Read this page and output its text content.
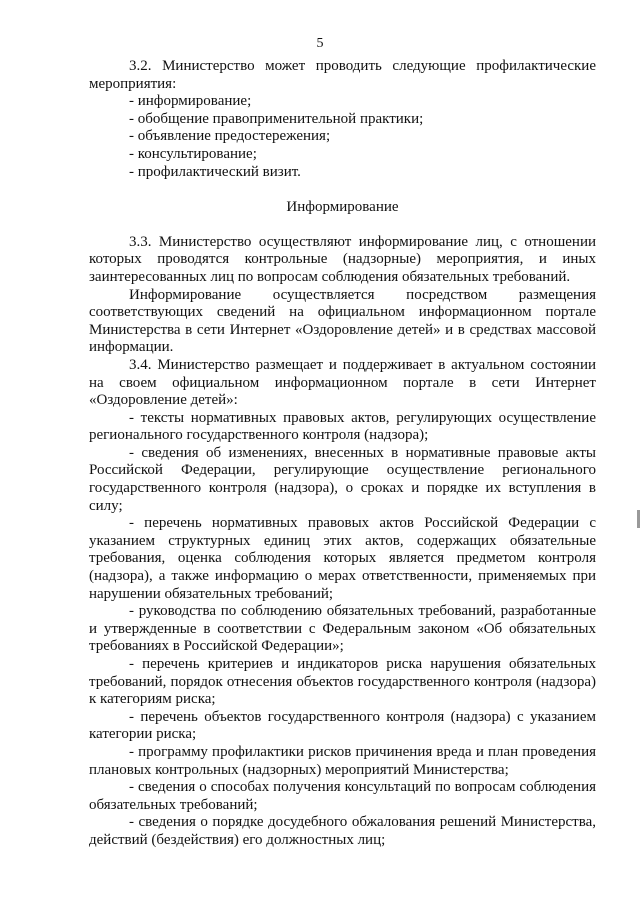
5

3.2. Министерство может проводить следующие профилактические мероприятия:

- информирование;

- обобщение правоприменительной практики;

- объявление предостережения;

- консультирование;

- профилактический визит.

Информирование

3.3. Министерство осуществляют информирование лиц, с отношении которых проводятся контрольные (надзорные) мероприятия, и иных заинтересованных лиц по вопросам соблюдения обязательных требований.

Информирование осуществляется посредством размещения соответствующих сведений на официальном информационном портале Министерства в сети Интернет «Оздоровление детей» и в средствах массовой информации.

3.4. Министерство размещает и поддерживает в актуальном состоянии на своем официальном информационном портале в сети Интернет «Оздоровление детей»:

- тексты нормативных правовых актов, регулирующих осуществление регионального государственного контроля (надзора);

- сведения об изменениях, внесенных в нормативные правовые акты Российской Федерации, регулирующие осуществление регионального государственного контроля (надзора), о сроках и порядке их вступления в силу;

- перечень нормативных правовых актов Российской Федерации с указанием структурных единиц этих актов, содержащих обязательные требования, оценка соблюдения которых является предметом контроля (надзора), а также информацию о мерах ответственности, применяемых при нарушении обязательных требований;

- руководства по соблюдению обязательных требований, разработанные и утвержденные в соответствии с Федеральным законом «Об обязательных требованиях в Российской Федерации»;

- перечень критериев и индикаторов риска нарушения обязательных требований, порядок отнесения объектов государственного контроля (надзора) к категориям риска;

- перечень объектов государственного контроля (надзора) с указанием категории риска;

- программу профилактики рисков причинения вреда и план проведения плановых контрольных (надзорных) мероприятий Министерства;

- сведения о способах получения консультаций по вопросам соблюдения обязательных требований;

- сведения о порядке досудебного обжалования решений Министерства, действий (бездействия) его должностных лиц;
